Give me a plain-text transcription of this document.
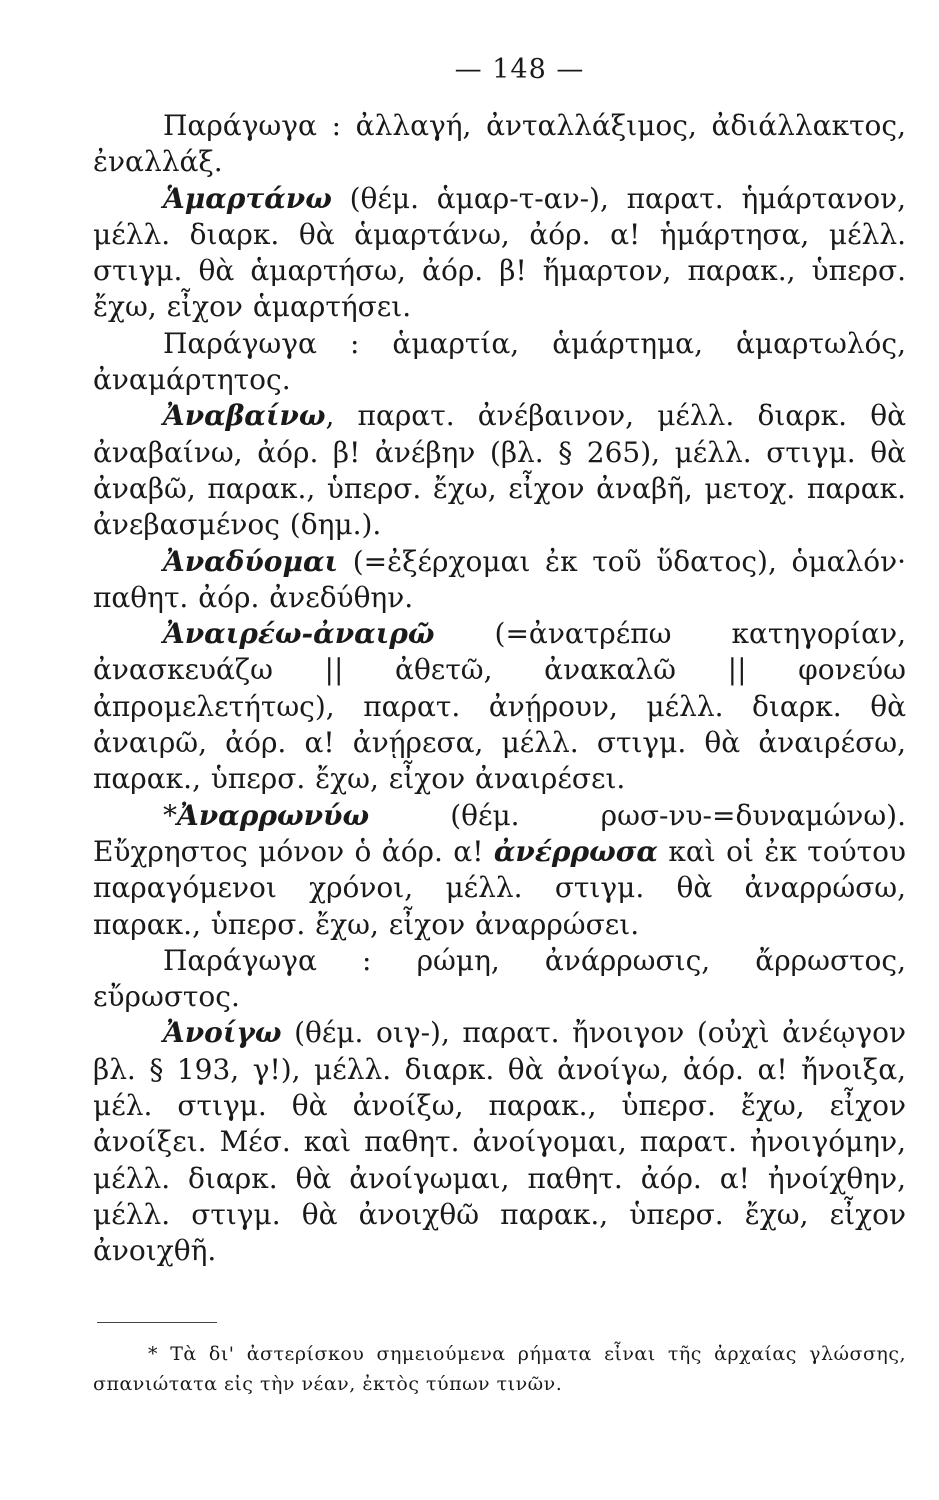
— 148 —

Παράγωγα : ἀλλαγή, ἀνταλλάξιμος, ἀδιάλλακτος, ἐναλλάξ.

Ἁμαρτάνω (θέμ. ἁμαρ-τ-αν-), παρατ. ἡμάρτανον, μέλλ. διαρκ. θὰ ἁμαρτάνω, ἀόρ. α! ἡμάρτησα, μέλλ. στιγμ. θὰ ἁμαρτήσω, ἀόρ. β! ἥμαρτον, παρακ., ὑπερσ. ἔχω, εἶχον ἁμαρτήσει.

Παράγωγα : ἁμαρτία, ἁμάρτημα, ἁμαρτωλός, ἀναμάρτητος.

Ἀναβαίνω, παρατ. ἀνέβαινον, μέλλ. διαρκ. θὰ ἀναβαίνω, ἀόρ. β! ἀνέβην (βλ. § 265), μέλλ. στιγμ. θὰ ἀναβῶ, παρακ., ὑπερσ. ἔχω, εἶχον ἀναβῆ, μετοχ. παρακ. ἀνεβασμένος (δημ.).

Ἀναδύομαι (=ἐξέρχομαι ἐκ τοῦ ὕδατος), ὁμαλόν· παθητ. ἀόρ. ἀνεδύθην.

Ἀναιρέω-ἀναιρῶ (=ἀνατρέπω κατηγορίαν, ἀνασκευάζω || ἀθετῶ, ἀνακαλῶ || φονεύω ἀπρομελετήτως), παρατ. ἀνῄρουν, μέλλ. διαρκ. θὰ ἀναιρῶ, ἀόρ. α! ἀνῄρεσα, μέλλ. στιγμ. θὰ ἀναιρέσω, παρακ., ὑπερσ. ἔχω, εἶχον ἀναιρέσει.

*Ἀναρρωνύω (θέμ. ρωσ-νυ-=δυναμώνω). Εὔχρηστος μόνον ὁ ἀόρ. α! ἀνέρρωσα καὶ οἱ ἐκ τούτου παραγόμενοι χρόνοι, μέλλ. στιγμ. θὰ ἀναρρώσω, παρακ., ὑπερσ. ἔχω, εἶχον ἀναρρώσει.

Παράγωγα : ρώμη, ἀνάρρωσις, ἄρρωστος, εὔρωστος.

Ἀνοίγω (θέμ. οιγ-), παρατ. ἤνοιγον (οὐχὶ ἀνέῳγον βλ. § 193, γ!), μέλλ. διαρκ. θὰ ἀνοίγω, ἀόρ. α! ἤνοιξα, μέλ. στιγμ. θὰ ἀνοίξω, παρακ., ὑπερσ. ἔχω, εἶχον ἀνοίξει. Μέσ. καὶ παθητ. ἀνοίγομαι, παρατ. ἠνοιγόμην, μέλλ. διαρκ. θὰ ἀνοίγωμαι, παθητ. ἀόρ. α! ἠνοίχθην, μέλλ. στιγμ. θὰ ἀνοιχθῶ παρακ., ὑπερσ. ἔχω, εἶχον ἀνοιχθῆ.

* Τὰ δι' ἀστερίσκου σημειούμενα ρήματα εἶναι τῆς ἀρχαίας γλώσσης, σπανιώτατα εἰς τὴν νέαν, ἐκτὸς τύπων τινῶν.
